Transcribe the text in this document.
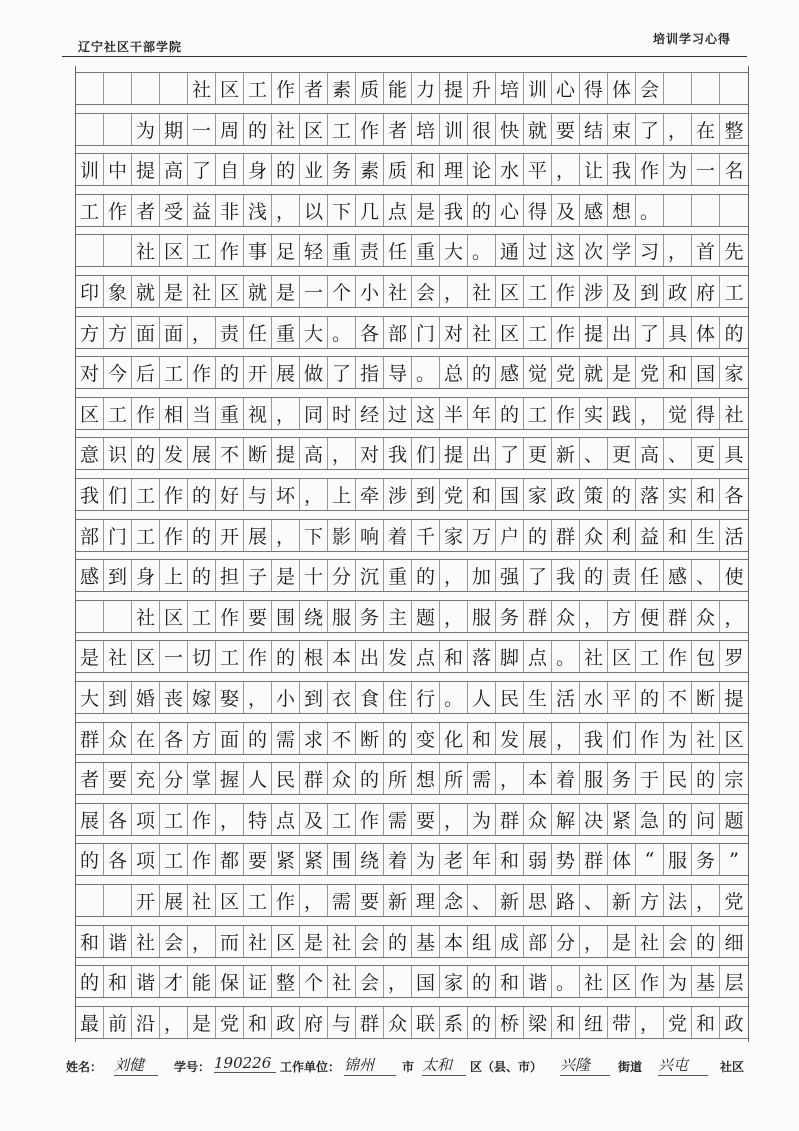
辽宁社区干部学院
培训学习心得

社 区 工 作 者 素 质 能 力 提 升 培 训 心 得 体 会

为 期 一 周 的 社 区 工 作 者 培 训 很 快 就 要 结 束 了 ， 在 整
训 中 提 高 了 自 身 的 业 务 素 质 和 理 论 水 平 ， 让 我 作 为 一 名
工 作 者 受 益 非 浅 ， 以 下 几 点 是 我 的 心 得 及 感 想 。

社 区 工 作 事 足 轻 重 责 任 重 大 。 通 过 这 次 学 习 ， 首 先
印 象 就 是 社 区 就 是 一 个 小 社 会 ， 社 区 工 作 涉 及 到 政 府 工
方 方 面 面 ， 责 任 重 大 。 各 部 门 对 社 区 工 作 提 出 了 具 体 的
对 今 后 工 作 的 开 展 做 了 指 导 。 总 的 感 觉 党 就 是 党 和 国 家
区 工 作 相 当 重 视 ， 同 时 经 过 这 半 年 的 工 作 实 践 ， 觉 得 社
意 识 的 发 展 不 断 提 高 ， 对 我 们 提 出 了 更 新 、 更 高 、 更 具
我 们 工 作 的 好 与 坏 ， 上 牵 涉 到 党 和 国 家 政 策 的 落 实 和 各
部 门 工 作 的 开 展 ， 下 影 响 着 千 家 万 户 的 群 众 利 益 和 生 活
感 到 身 上 的 担 子 是 十 分 沉 重 的 ， 加 强 了 我 的 责 任 感 、 使

社 区 工 作 要 围 绕 服 务 主 题 ， 服 务 群 众 ， 方 便 群 众 ，
是 社 区 一 切 工 作 的 根 本 出 发 点 和 落 脚 点 。 社 区 工 作 包 罗
大 到 婚 丧 嫁 娶 ， 小 到 衣 食 住 行 。 人 民 生 活 水 平 的 不 断 提
群 众 在 各 方 面 的 需 求 不 断 的 变 化 和 发 展 ， 我 们 作 为 社 区
者 要 充 分 掌 握 人 民 群 众 的 所 想 所 需 ， 本 着 服 务 于 民 的 宗
展 各 项 工 作 ， 特 点 及 工 作 需 要 ， 为 群 众 解 决 紧 急 的 问 题
的 各 项 工 作 都 要 紧 紧 围 绕 着 为 老 年 和 弱 势 群 体 “ 服 务 ”

开 展 社 区 工 作 ， 需 要 新 理 念 、 新 思 路 、 新 方 法 ， 党
和 谐 社 会 ， 而 社 区 是 社 会 的 基 本 组 成 部 分 ， 是 社 会 的 细
的 和 谐 才 能 保 证 整 个 社 会 ， 国 家 的 和 谐 。 社 区 作 为 基 层
最 前 沿 ， 是 党 和 政 府 与 群 众 联 系 的 桥 梁 和 纽 带 ， 党 和 政
姓名： 刘健	学号： 190226 工作单位： 锦州	市 太和	区（县、市） 兴隆	街道 兴屯	社区
